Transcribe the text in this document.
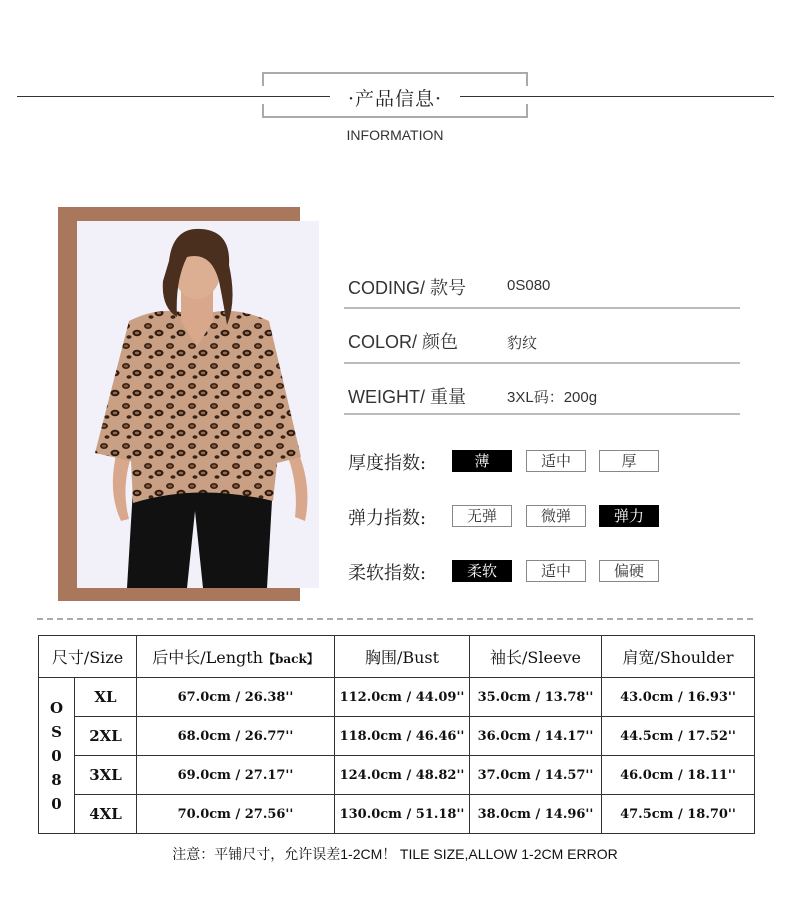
·产品信息·
INFORMATION
CODING/ 款号	0S080
COLOR/ 颜色	豹纹
WEIGHT/ 重量	3XL码：200g
厚度指数:	薄	适中	厚
弹力指数:	无弹	微弹	弹力
柔软指数:	柔软	适中	偏硬
尺寸/Size		后中长/Length【back】	胸围/Bust	袖长/Sleeve	肩宽/Shoulder

O
S
0
8
0	XL	67.0cm / 26.38''	112.0cm / 44.09''	35.0cm / 13.78''	43.0cm / 16.93''
	2XL	68.0cm / 26.77''	118.0cm / 46.46''	36.0cm / 14.17''	44.5cm / 17.52''
	3XL	69.0cm / 27.17''	124.0cm / 48.82''	37.0cm / 14.57''	46.0cm / 18.11''
	4XL	70.0cm / 27.56''	130.0cm / 51.18''	38.0cm / 14.96''	47.5cm / 18.70''
注意：平铺尺寸，允许误差1-2CM！ TILE SIZE,ALLOW 1-2CM ERROR
